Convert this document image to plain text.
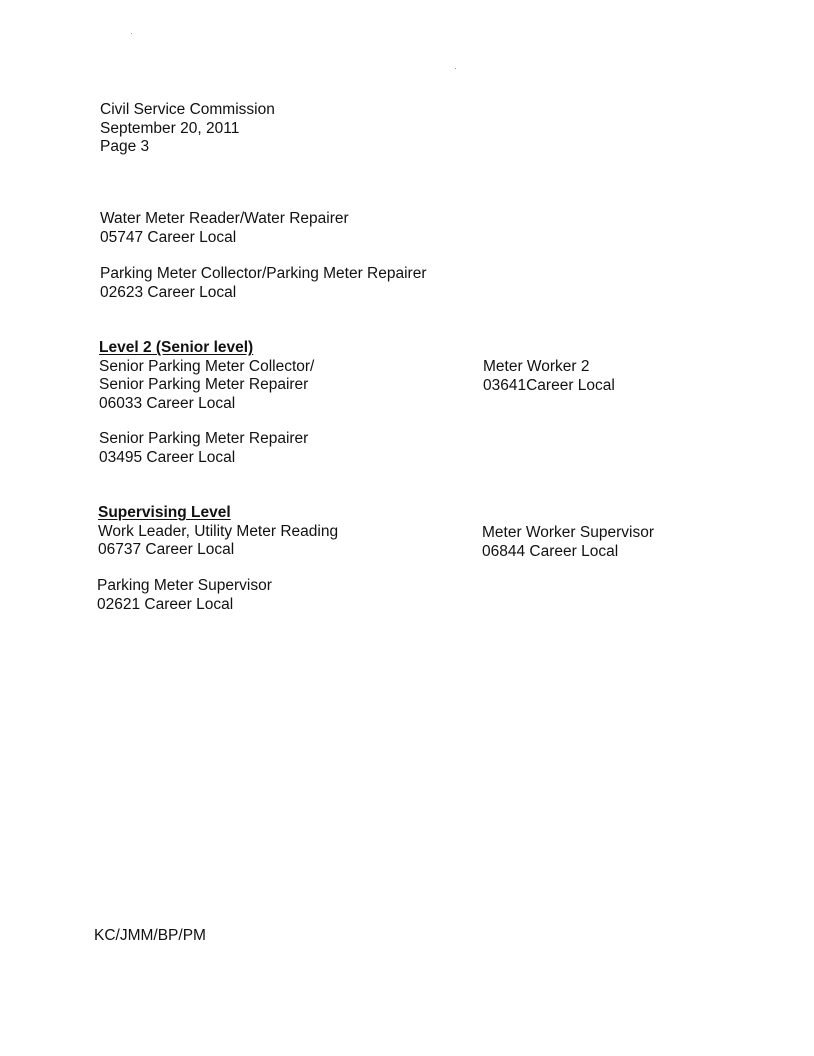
Civil Service Commission
September 20, 2011
Page 3
Water Meter Reader/Water Repairer
05747 Career Local
Parking Meter Collector/Parking Meter Repairer
02623 Career Local
Level 2 (Senior level)
Senior Parking Meter Collector/
Senior Parking Meter Repairer
06033 Career Local
Meter Worker 2
03641Career Local
Senior Parking Meter Repairer
03495 Career Local
Supervising Level
Work Leader, Utility Meter Reading
06737 Career Local
Meter Worker Supervisor
06844 Career Local
Parking Meter Supervisor
02621 Career Local
KC/JMM/BP/PM
